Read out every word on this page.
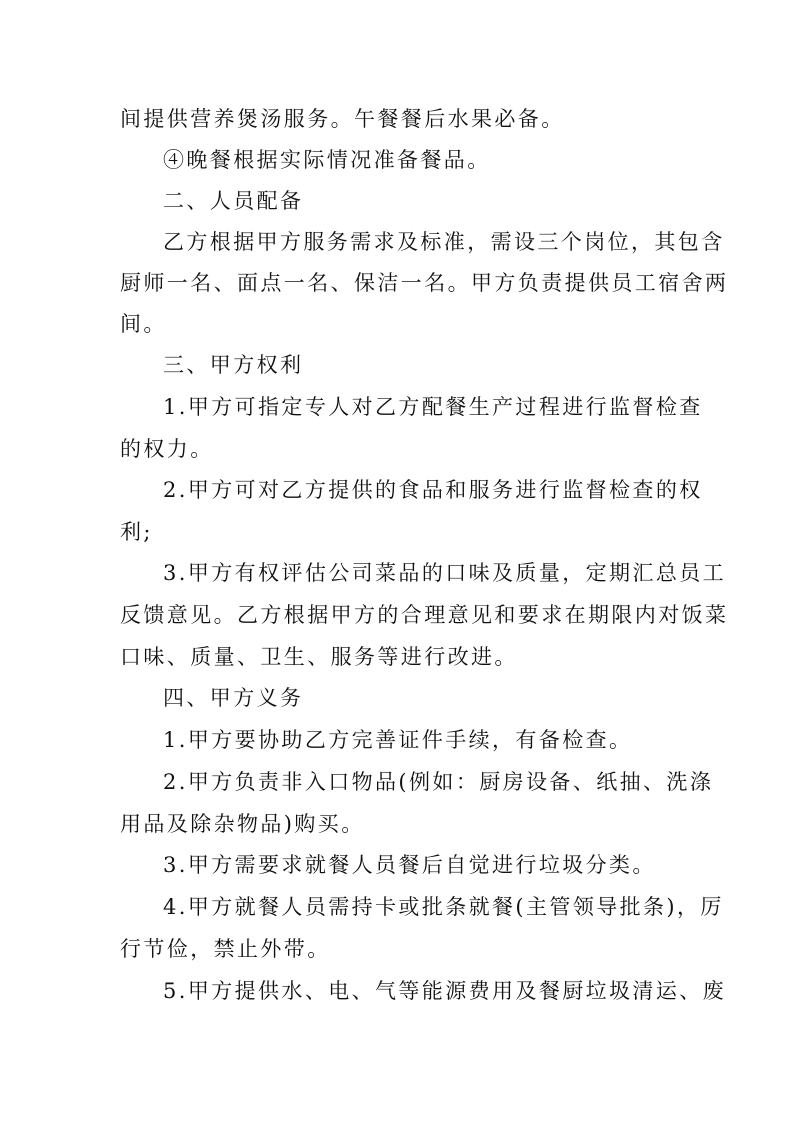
间提供营养煲汤服务。午餐餐后水果必备。
④晚餐根据实际情况准备餐品。
二、人员配备
乙方根据甲方服务需求及标准，需设三个岗位，其包含
厨师一名、面点一名、保洁一名。甲方负责提供员工宿舍两
间。
三、甲方权利
1.甲方可指定专人对乙方配餐生产过程进行监督检查
的权力。
2.甲方可对乙方提供的食品和服务进行监督检查的权
利;
3.甲方有权评估公司菜品的口味及质量，定期汇总员工
反馈意见。乙方根据甲方的合理意见和要求在期限内对饭菜
口味、质量、卫生、服务等进行改进。
四、甲方义务
1.甲方要协助乙方完善证件手续，有备检查。
2.甲方负责非入口物品(例如：厨房设备、纸抽、洗涤
用品及除杂物品)购买。
3.甲方需要求就餐人员餐后自觉进行垃圾分类。
4.甲方就餐人员需持卡或批条就餐(主管领导批条)，厉
行节俭，禁止外带。
5.甲方提供水、电、气等能源费用及餐厨垃圾清运、废
